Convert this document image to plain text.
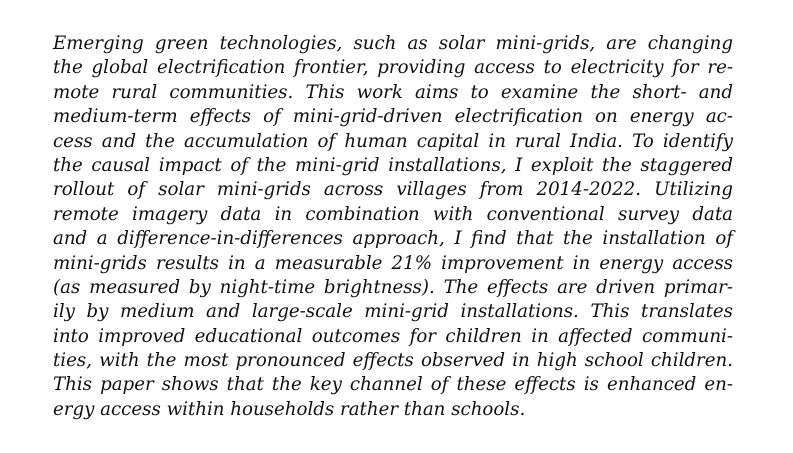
Emerging green technologies, such as solar mini-grids, are changing
the global electrification frontier, providing access to electricity for re-
mote rural communities. This work aims to examine the short- and
medium-term effects of mini-grid-driven electrification on energy ac-
cess and the accumulation of human capital in rural India. To identify
the causal impact of the mini-grid installations, I exploit the staggered
rollout of solar mini-grids across villages from 2014-2022. Utilizing
remote imagery data in combination with conventional survey data
and a difference-in-differences approach, I find that the installation of
mini-grids results in a measurable 21% improvement in energy access
(as measured by night-time brightness). The effects are driven primar-
ily by medium and large-scale mini-grid installations. This translates
into improved educational outcomes for children in affected communi-
ties, with the most pronounced effects observed in high school children.
This paper shows that the key channel of these effects is enhanced en-
ergy access within households rather than schools.
